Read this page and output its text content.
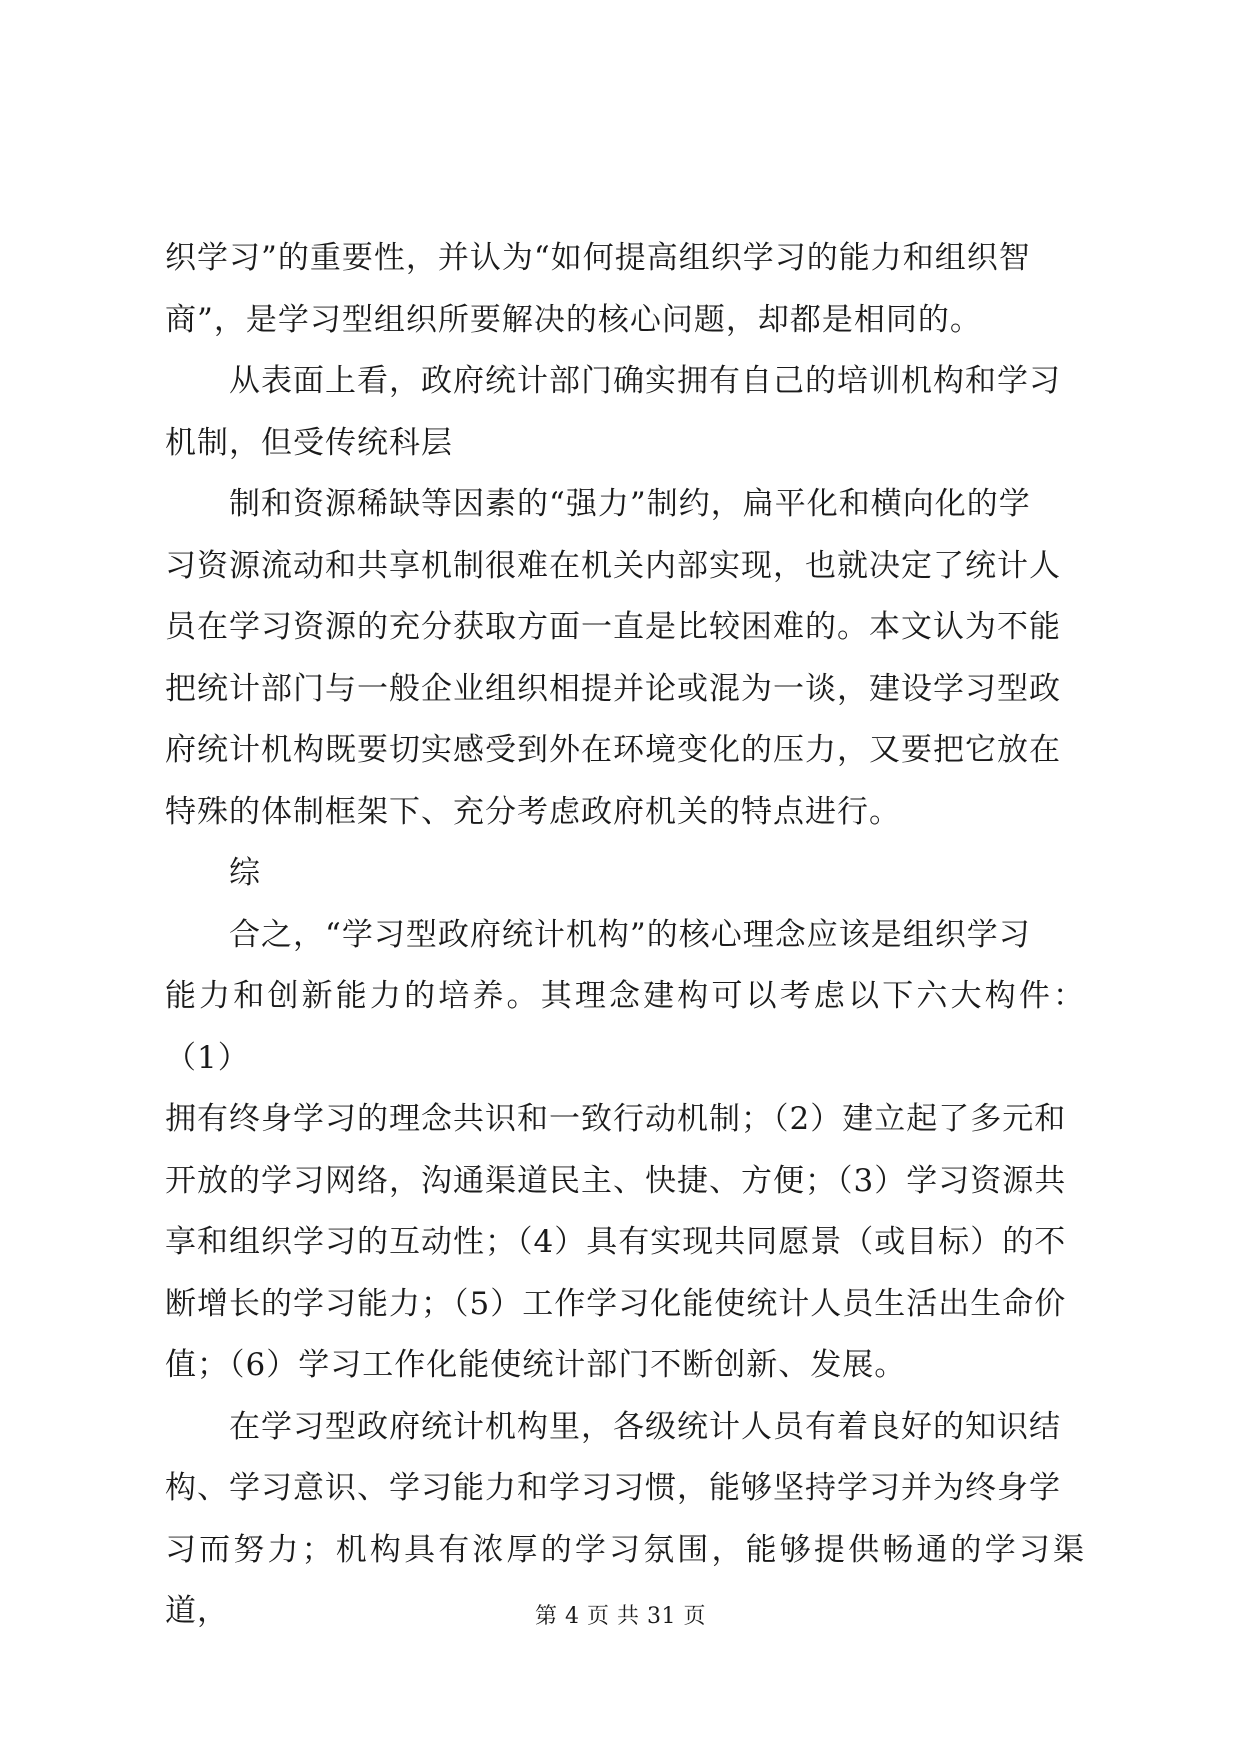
织学习”的重要性，并认为“如何提高组织学习的能力和组织智
商”，是学习型组织所要解决的核心问题，却都是相同的。

从表面上看，政府统计部门确实拥有自己的培训机构和学习
机制，但受传统科层

制和资源稀缺等因素的“强力”制约，扁平化和横向化的学
习资源流动和共享机制很难在机关内部实现，也就决定了统计人
员在学习资源的充分获取方面一直是比较困难的。本文认为不能
把统计部门与一般企业组织相提并论或混为一谈，建设学习型政
府统计机构既要切实感受到外在环境变化的压力，又要把它放在
特殊的体制框架下、充分考虑政府机关的特点进行。

综

合之，“学习型政府统计机构”的核心理念应该是组织学习
能力和创新能力的培养。其理念建构可以考虑以下六大构件：（1）
拥有终身学习的理念共识和一致行动机制；（2）建立起了多元和
开放的学习网络，沟通渠道民主、快捷、方便；（3）学习资源共
享和组织学习的互动性；（4）具有实现共同愿景（或目标）的不
断增长的学习能力；（5）工作学习化能使统计人员生活出生命价
值；（6）学习工作化能使统计部门不断创新、发展。

在学习型政府统计机构里，各级统计人员有着良好的知识结
构、学习意识、学习能力和学习习惯，能够坚持学习并为终身学
习而努力；机构具有浓厚的学习氛围，能够提供畅通的学习渠道，	第 4 页 共 31 页
